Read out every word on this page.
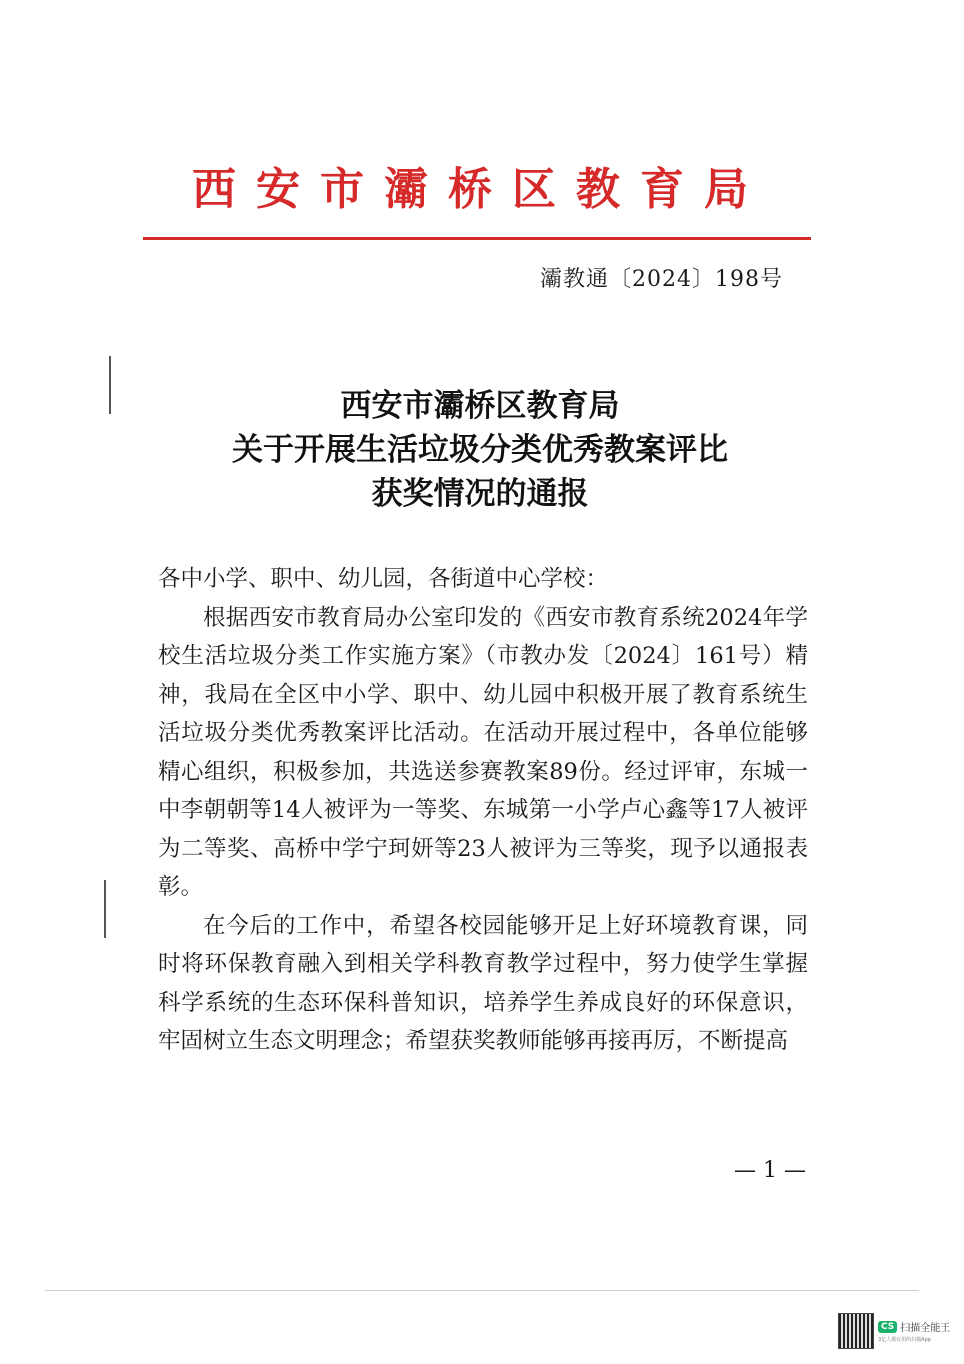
西安市灞桥区教育局
灞教通〔2024〕198号
西安市灞桥区教育局
关于开展生活垃圾分类优秀教案评比
获奖情况的通报

各中小学、职中、幼儿园，各街道中心学校：

根据西安市教育局办公室印发的《西安市教育系统2024年学校生活垃圾分类工作实施方案》（市教办发〔2024〕161号）精神，我局在全区中小学、职中、幼儿园中积极开展了教育系统生活垃圾分类优秀教案评比活动。在活动开展过程中，各单位能够精心组织，积极参加，共选送参赛教案89份。经过评审，东城一中李朝朝等14人被评为一等奖、东城第一小学卢心鑫等17人被评为二等奖、高桥中学宁珂妍等23人被评为三等奖，现予以通报表彰。

在今后的工作中，希望各校园能够开足上好环境教育课，同时将环保教育融入到相关学科教育教学过程中，努力使学生掌握科学系统的生态环保科普知识，培养学生养成良好的环保意识，牢固树立生态文明理念；希望获奖教师能够再接再厉，不断提高

— 1 —
CS 扫描全能王
3亿人都在用的扫描App
